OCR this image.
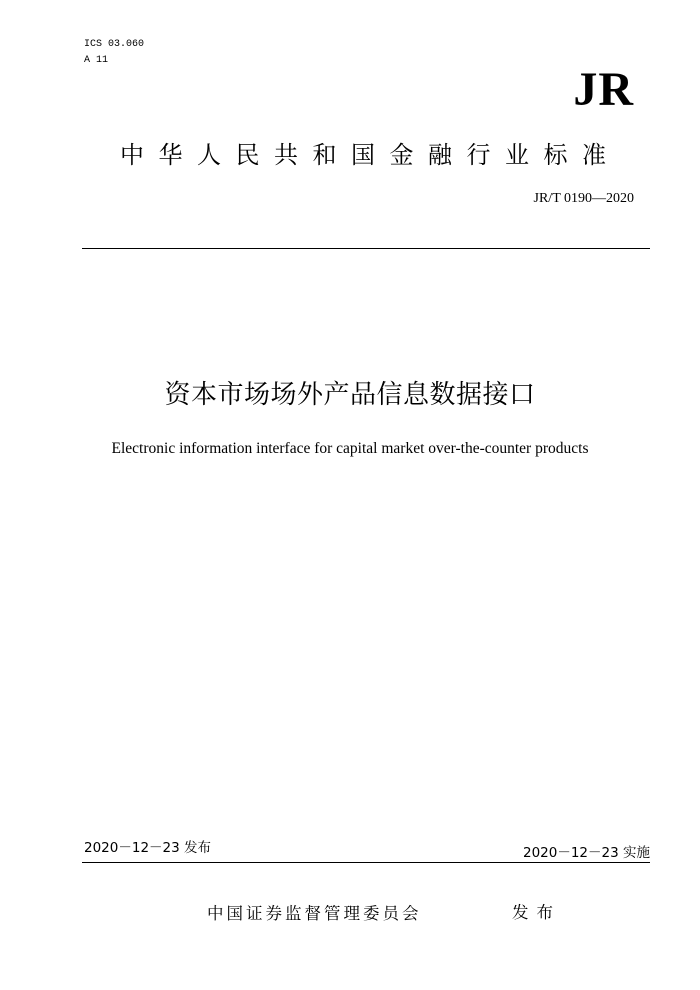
ICS 03.060
A 11
JR
中华人民共和国金融行业标准
JR/T 0190—2020
资本市场场外产品信息数据接口
Electronic information interface for capital market over-the-counter products
2020－12－23 发布	2020－12－23 实施
中国证券监督管理委员会	发布
